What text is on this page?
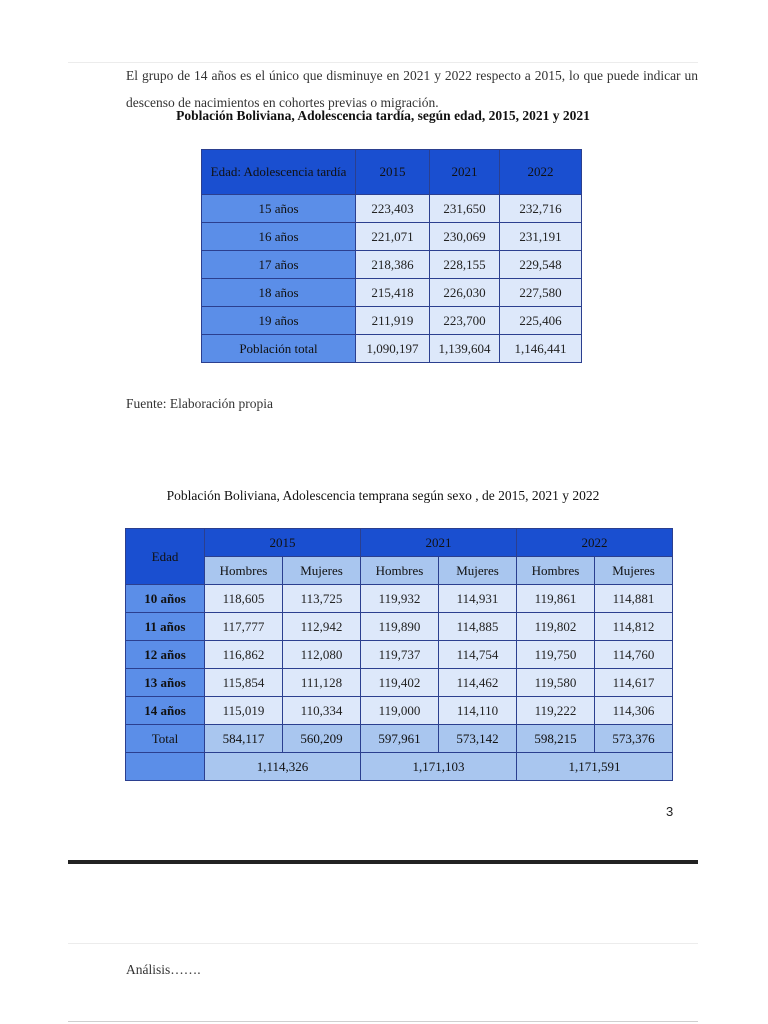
El grupo de 14 años es el único que disminuye en 2021 y 2022 respecto a 2015, lo que puede indicar un descenso de nacimientos en cohortes previas o migración.
Población Boliviana, Adolescencia tardía, según edad, 2015, 2021 y 2021
Edad: Adolescencia tardía	2015	2021	2022
15 años	223,403	231,650	232,716
16 años	221,071	230,069	231,191
17 años	218,386	228,155	229,548
18 años	215,418	226,030	227,580
19 años	211,919	223,700	225,406
Población total	1,090,197	1,139,604	1,146,441
Fuente: Elaboración propia
Población Boliviana, Adolescencia temprana según sexo , de 2015, 2021 y 2022
Edad	2015		2021		2022	
	Hombres	Mujeres	Hombres	Mujeres	Hombres	Mujeres
10 años	118,605	113,725	119,932	114,931	119,861	114,881
11 años	117,777	112,942	119,890	114,885	119,802	114,812
12 años	116,862	112,080	119,737	114,754	119,750	114,760
13 años	115,854	111,128	119,402	114,462	119,580	114,617
14 años	115,019	110,334	119,000	114,110	119,222	114,306
Total	584,117	560,209	597,961	573,142	598,215	573,376
	1,114,326		1,171,103		1,171,591	
3
Análisis…….
